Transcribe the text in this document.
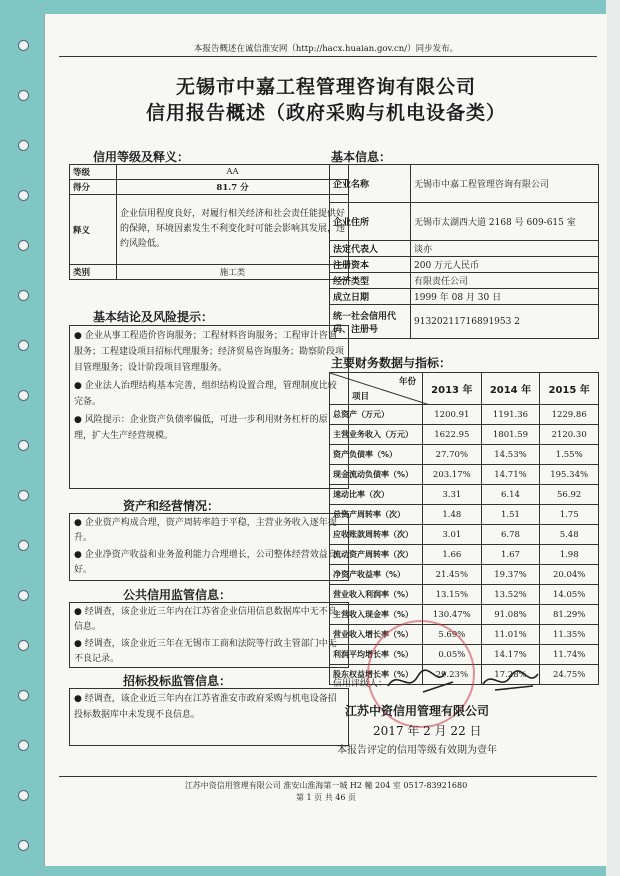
本报告概述在诚信淮安网（http://hacx.huaian.gov.cn/）同步发布。
无锡市中嘉工程管理咨询有限公司
信用报告概述（政府采购与机电设备类）
信用等级及释义：
等级	AA
得分	81.7 分
释义	企业信用程度良好，对履行相关经济和社会责任能提供好的保障，环境因素发生不利变化时可能会影响其发展，违约风险低。
类别	施工类
基本结论及风险提示：

● 企业从事工程造价咨询服务；工程材料咨询服务；工程审计咨询服务；工程建设项目招标代理服务；经济贸易咨询服务；勘察阶段项目管理服务；设计阶段项目管理服务。

● 企业法人治理结构基本完善，组织结构设置合理，管理制度比较完备。

● 风险提示：企业资产负债率偏低，可进一步利用财务杠杆的原理，扩大生产经营规模。

资产和经营情况：

● 企业资产构成合理，资产周转率趋于平稳，主营业务收入逐年提升。

● 企业净资产收益和业务盈利能力合理增长，公司整体经营效益良好。

公共信用监管信息：

● 经调查，该企业近三年内在江苏省企业信用信息数据库中无不良信息。

● 经调查，该企业近三年在无锡市工商和法院等行政主管部门中无不良记录。

招标投标监管信息：

● 经调查，该企业近三年内在江苏省淮安市政府采购与机电设备招投标数据库中未发现不良信息。

基本信息：
企业名称	无锡市中嘉工程管理咨询有限公司
企业住所	无锡市太湖西大道 2168 号 609-615 室
法定代表人	谈亦
注册资本	200 万元人民币
经济类型	有限责任公司
成立日期	1999 年 08 月 30 日
统一社会信用代码、注册号	91320211716891953 2
主要财务数据与指标：
年份
项目	2013 年	2014 年	2015 年
总资产（万元）	1200.91	1191.36	1229.86
主营业务收入（万元）	1622.95	1801.59	2120.30
资产负债率（%）	27.70%	14.53%	1.55%
现金流动负债率（%）	203.17%	14.71%	195.34%
速动比率（次）	3.31	6.14	56.92
总资产周转率（次）	1.48	1.51	1.75
应收账款周转率（次）	3.01	6.78	5.48
流动资产周转率（次）	1.66	1.67	1.98
净资产收益率（%）	21.45%	19.37%	20.04%
营业收入利润率（%）	13.15%	13.52%	14.05%
主营收入现金率（%）	130.47%	91.08%	81.29%
营业收入增长率（%）	5.69%	11.01%	11.35%
利润平均增长率（%）	0.05%	14.17%	11.74%
股东权益增长率（%）	29.23%	17.28%	24.75%
信用评级人：
江苏中资信用管理有限公司
2017 年 2 月 22 日
本报告评定的信用等级有效期为壹年
江苏中资信用管理有限公司 淮安山淮海第一城 H2 幢 204 室 0517-83921680
第 1 页 共 46 页
